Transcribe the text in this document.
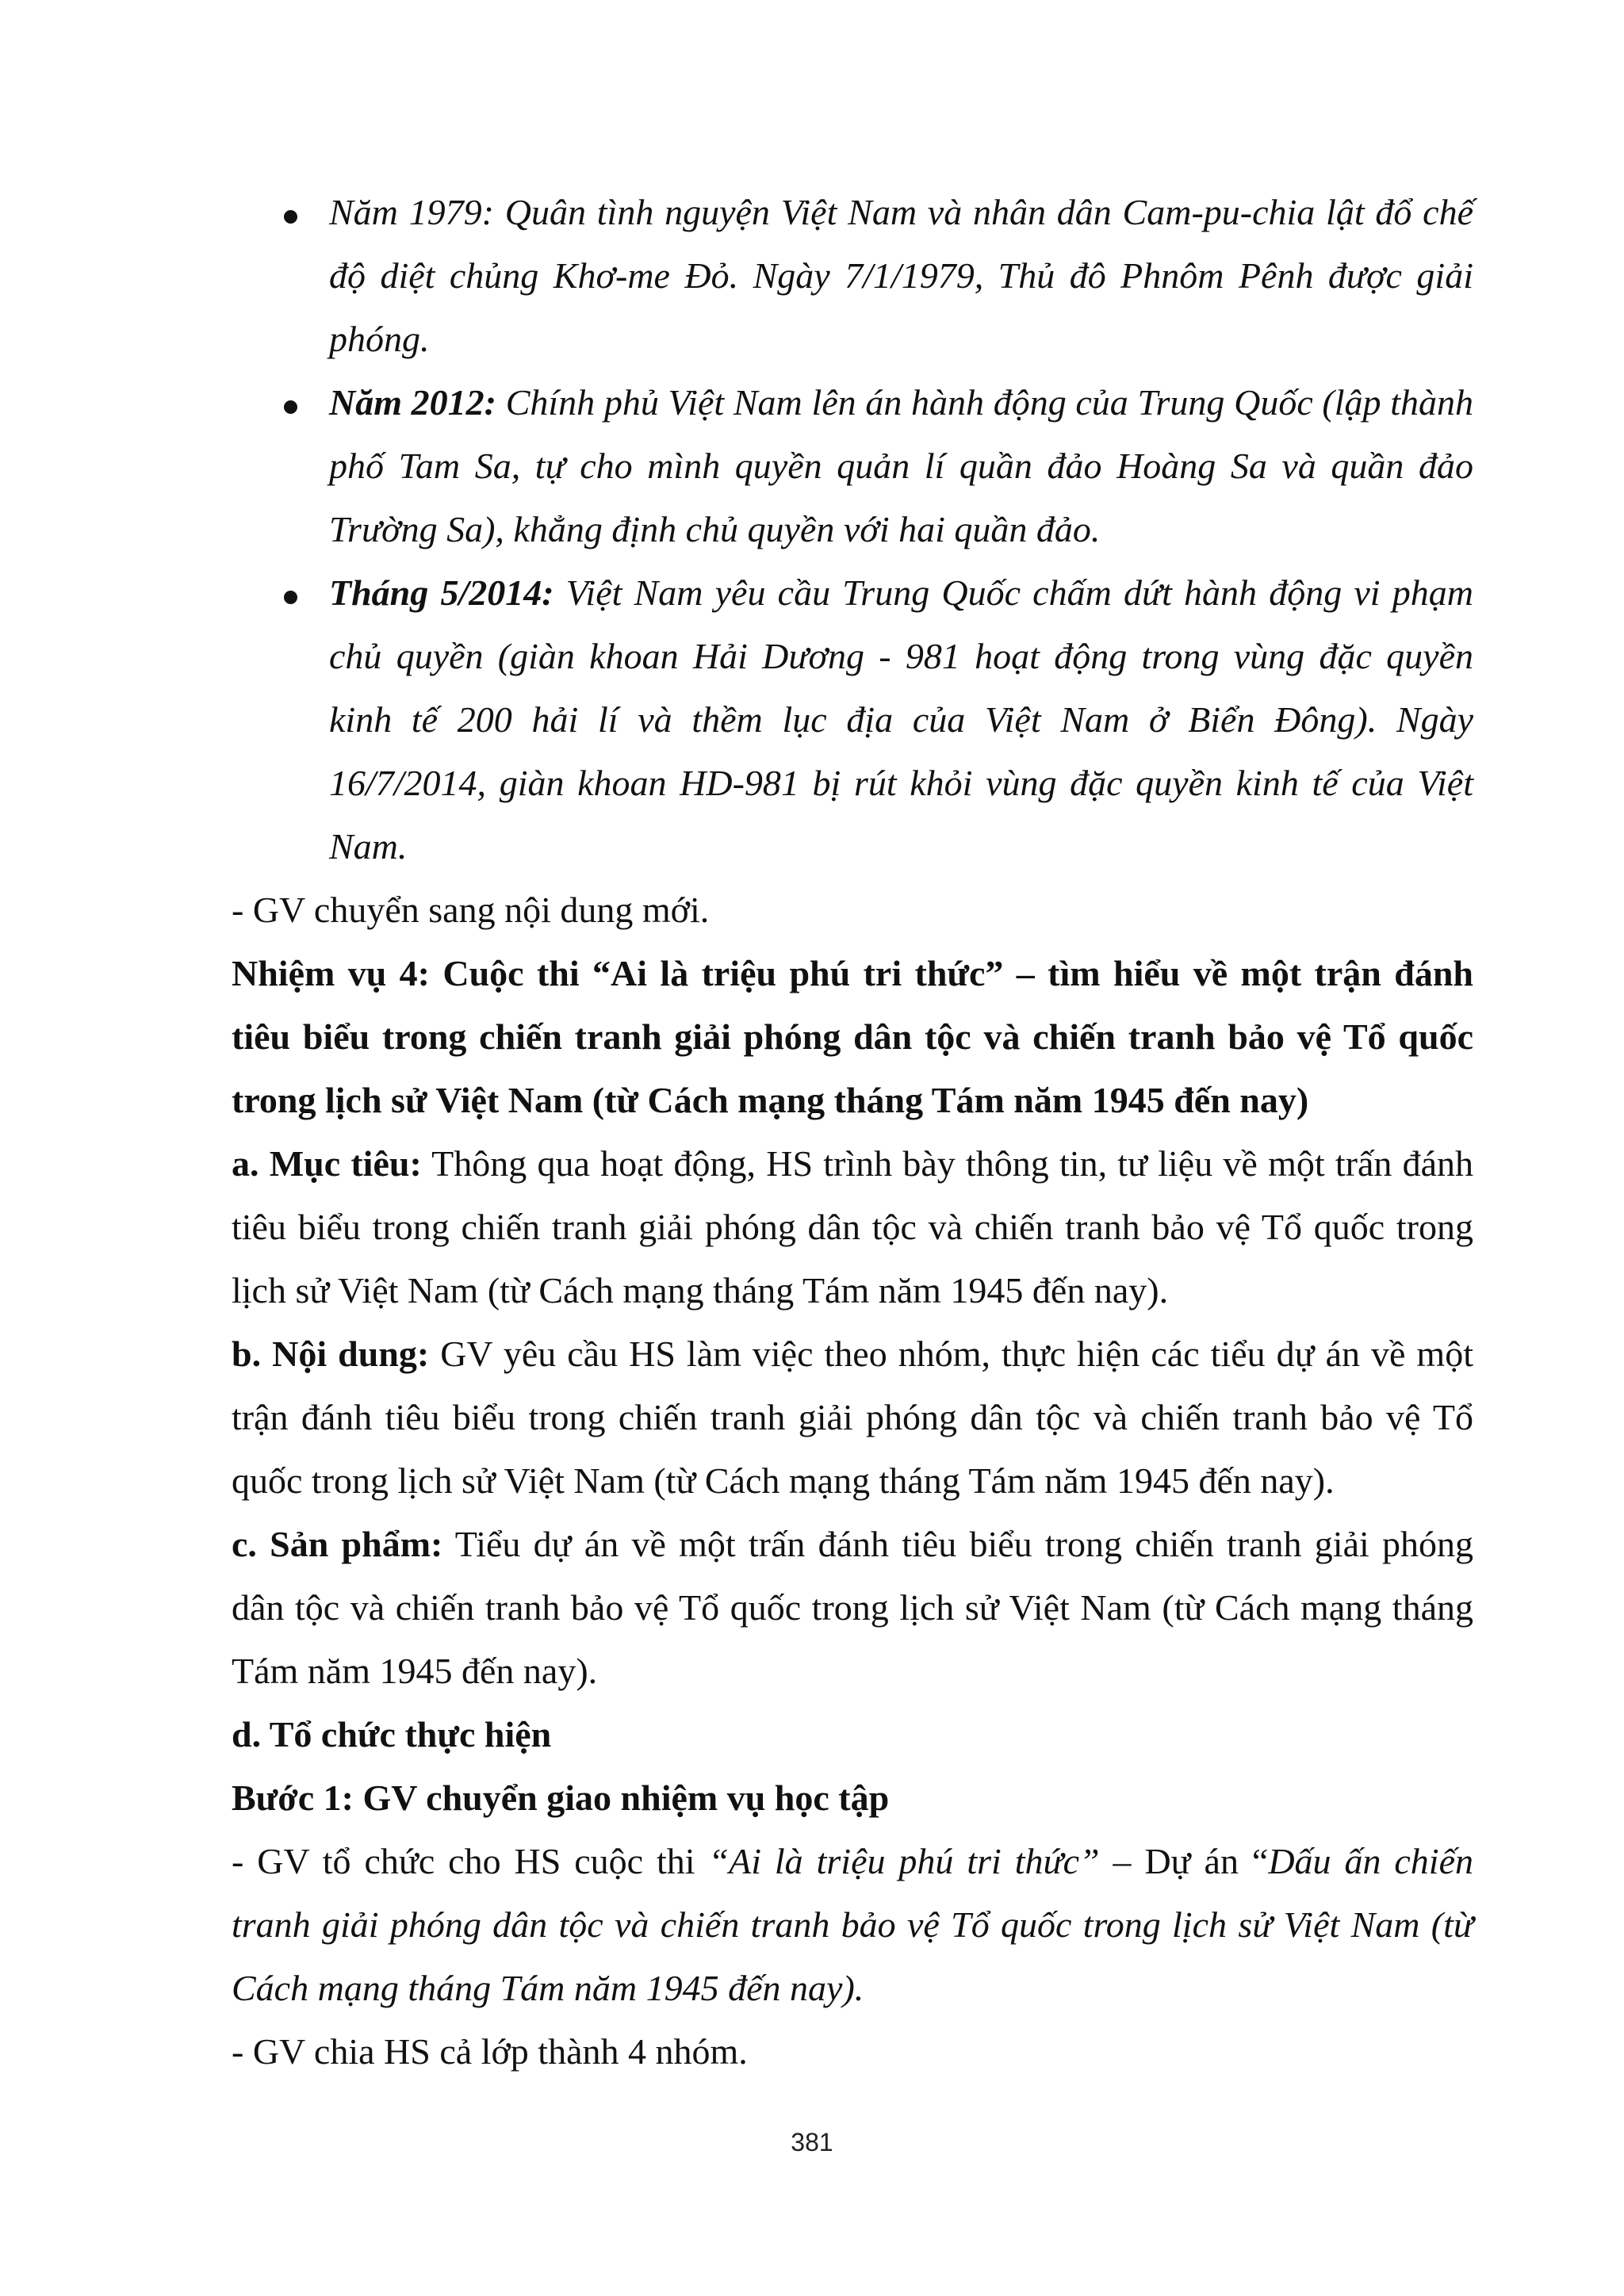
Năm 1979: Quân tình nguyện Việt Nam và nhân dân Cam-pu-chia lật đổ chế độ diệt chủng Khơ-me Đỏ. Ngày 7/1/1979, Thủ đô Phnôm Pênh được giải phóng.
Năm 2012: Chính phủ Việt Nam lên án hành động của Trung Quốc (lập thành phố Tam Sa, tự cho mình quyền quản lí quần đảo Hoàng Sa và quần đảo Trường Sa), khẳng định chủ quyền với hai quần đảo.
Tháng 5/2014: Việt Nam yêu cầu Trung Quốc chấm dứt hành động vi phạm chủ quyền (giàn khoan Hải Dương - 981 hoạt động trong vùng đặc quyền kinh tế 200 hải lí và thềm lục địa của Việt Nam ở Biển Đông). Ngày 16/7/2014, giàn khoan HD-981 bị rút khỏi vùng đặc quyền kinh tế của Việt Nam.

- GV chuyển sang nội dung mới.

Nhiệm vụ 4: Cuộc thi “Ai là triệu phú tri thức” – tìm hiểu về một trận đánh tiêu biểu trong chiến tranh giải phóng dân tộc và chiến tranh bảo vệ Tổ quốc trong lịch sử Việt Nam (từ Cách mạng tháng Tám năm 1945 đến nay)

a. Mục tiêu: Thông qua hoạt động, HS trình bày thông tin, tư liệu về một trấn đánh tiêu biểu trong chiến tranh giải phóng dân tộc và chiến tranh bảo vệ Tổ quốc trong lịch sử Việt Nam (từ Cách mạng tháng Tám năm 1945 đến nay).

b. Nội dung: GV yêu cầu HS làm việc theo nhóm, thực hiện các tiểu dự án về một trận đánh tiêu biểu trong chiến tranh giải phóng dân tộc và chiến tranh bảo vệ Tổ quốc trong lịch sử Việt Nam (từ Cách mạng tháng Tám năm 1945 đến nay).

c. Sản phẩm: Tiểu dự án về một trấn đánh tiêu biểu trong chiến tranh giải phóng dân tộc và chiến tranh bảo vệ Tổ quốc trong lịch sử Việt Nam (từ Cách mạng tháng Tám năm 1945 đến nay).

d. Tổ chức thực hiện

Bước 1: GV chuyển giao nhiệm vụ học tập

- GV tổ chức cho HS cuộc thi “Ai là triệu phú tri thức” – Dự án “Dấu ấn chiến tranh giải phóng dân tộc và chiến tranh bảo vệ Tổ quốc trong lịch sử Việt Nam (từ Cách mạng tháng Tám năm 1945 đến nay).

- GV chia HS cả lớp thành 4 nhóm.

381
